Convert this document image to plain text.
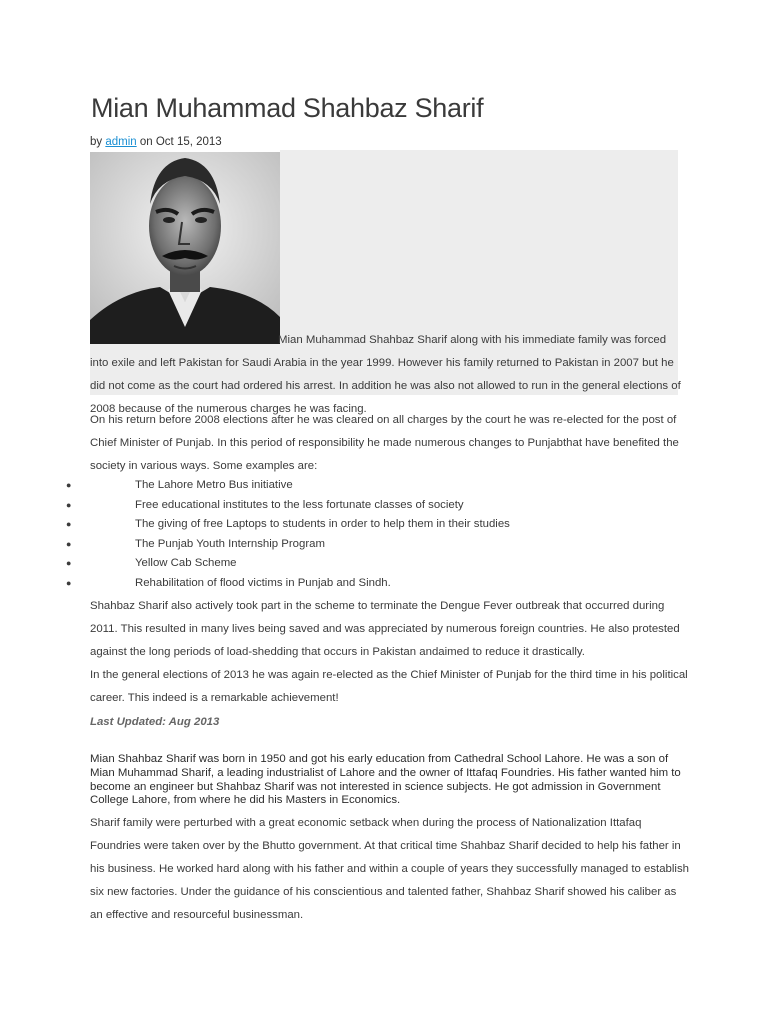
Mian Muhammad Shahbaz Sharif
by admin on Oct 15, 2013
Mian Muhammad Shahbaz Sharif along with his immediate family was forced into exile and left Pakistan for Saudi Arabia in the year 1999. However his family returned to Pakistan in 2007 but he did not come as the court had ordered his arrest. In addition he was also not allowed to run in the general elections of 2008 because of the numerous charges he was facing.
On his return before 2008 elections after he was cleared on all charges by the court he was re-elected for the post of Chief Minister of Punjab. In this period of responsibility he made numerous changes to Punjabthat have benefited the society in various ways. Some examples are:
●	The Lahore Metro Bus initiative
●	Free educational institutes to the less fortunate classes of society
●	The giving of free Laptops to students in order to help them in their studies
●	The Punjab Youth Internship Program
●	Yellow Cab Scheme
●	Rehabilitation of flood victims in Punjab and Sindh.
Shahbaz Sharif also actively took part in the scheme to terminate the Dengue Fever outbreak that occurred during 2011. This resulted in many lives being saved and was appreciated by numerous foreign countries. He also protested against the long periods of load-shedding that occurs in Pakistan andaimed to reduce it drastically.
In the general elections of 2013 he was again re-elected as the Chief Minister of Punjab for the third time in his political career. This indeed is a remarkable achievement!
Last Updated: Aug 2013
Mian Shahbaz Sharif was born in 1950 and got his early education from Cathedral School Lahore. He was a son of Mian Muhammad Sharif, a leading industrialist of Lahore and the owner of Ittafaq Foundries. His father wanted him to become an engineer but Shahbaz Sharif was not interested in science subjects. He got admission in Government College Lahore, from where he did his Masters in Economics.
Sharif family were perturbed with a great economic setback when during the process of Nationalization Ittafaq Foundries were taken over by the Bhutto government. At that critical time Shahbaz Sharif decided to help his father in his business. He worked hard along with his father and within a couple of years they successfully managed to establish six new factories. Under the guidance of his conscientious and talented father, Shahbaz Sharif showed his caliber as an effective and resourceful businessman.
